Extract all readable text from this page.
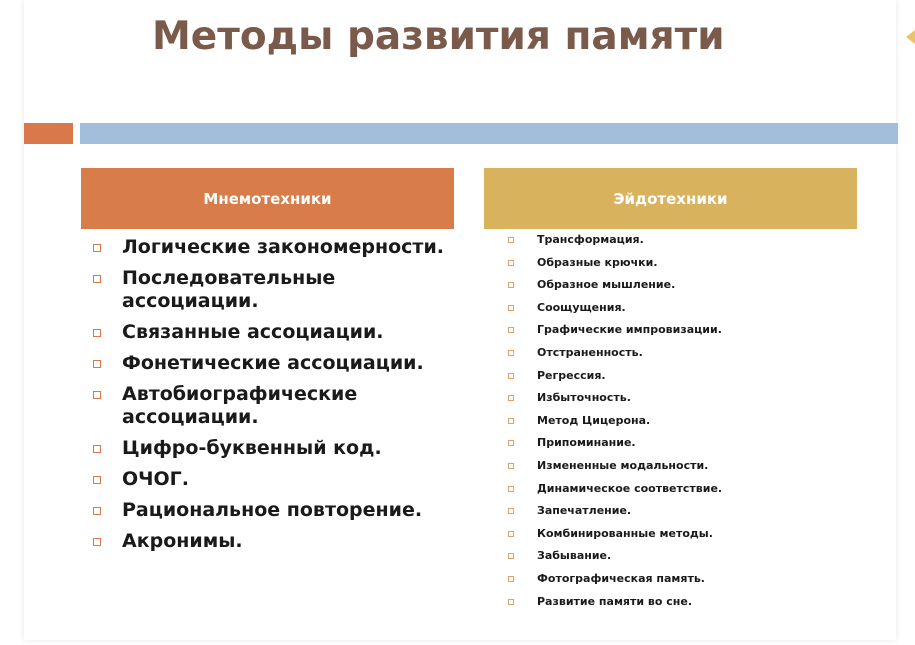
Методы развития памяти
Мнемотехники	Эйдотехники
Логические закономерности.
Последовательные ассоциации.
Связанные ассоциации.
Фонетические ассоциации.
Автобиографические ассоциации.
Цифро-буквенный код.
ОЧОГ.
Рациональное повторение.
Акронимы.
Трансформация.
Образные крючки.
Образное мышление.
Соощущения.
Графические импровизации.
Отстраненность.
Регрессия.
Избыточность.
Метод Цицерона.
Припоминание.
Измененные модальности.
Динамическое соответствие.
Запечатление.
Комбинированные методы.
Забывание.
Фотографическая память.
Развитие памяти во сне.
